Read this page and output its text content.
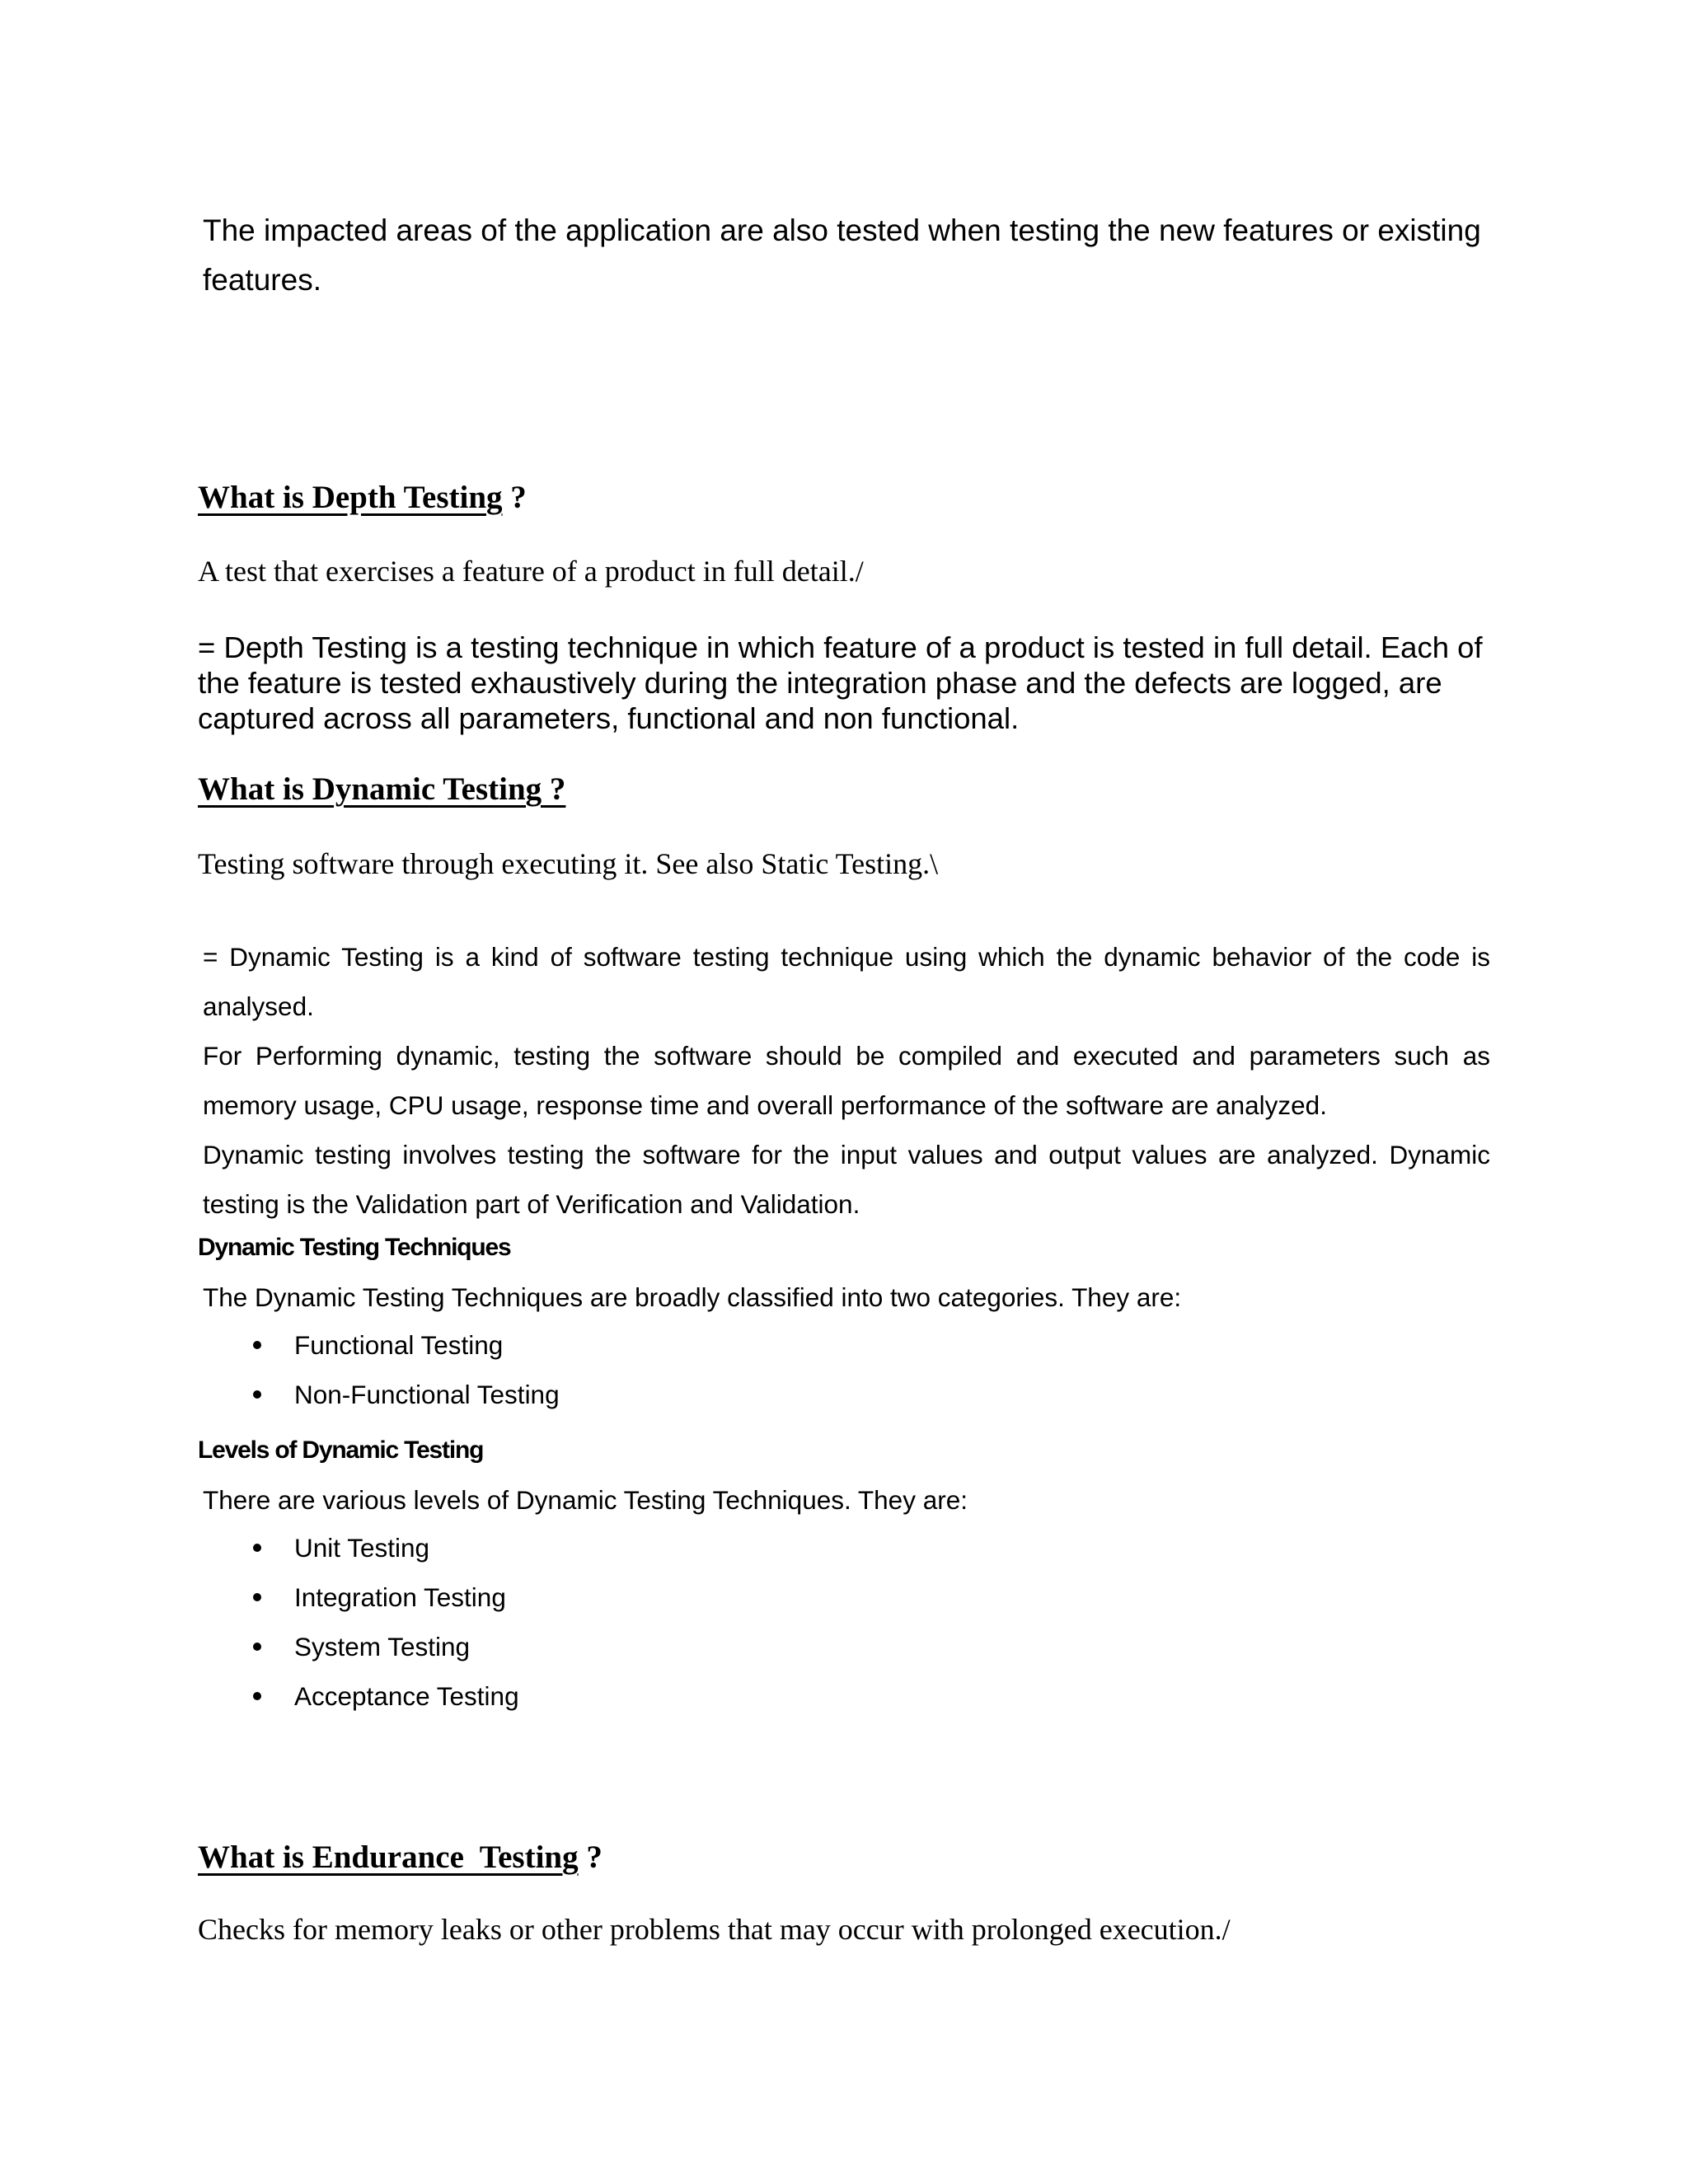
The impacted areas of the application are also tested when testing the new features or existing features.

What is Depth Testing ?
A test that exercises a feature of a product in full detail./

= Depth Testing is a testing technique in which feature of a product is tested in full detail. Each of the feature is tested exhaustively during the integration phase and the defects are logged, are captured across all parameters, functional and non functional.

What is Dynamic Testing ?
Testing software through executing it. See also Static Testing.\

= Dynamic Testing is a kind of software testing technique using which the dynamic behavior of the code is analysed.

For Performing dynamic, testing the software should be compiled and executed and parameters such as memory usage, CPU usage, response time and overall performance of the software are analyzed.

Dynamic testing involves testing the software for the input values and output values are analyzed. Dynamic testing is the Validation part of Verification and Validation.

Dynamic Testing Techniques
The Dynamic Testing Techniques are broadly classified into two categories. They are:
Functional Testing
Non-Functional Testing
Levels of Dynamic Testing
There are various levels of Dynamic Testing Techniques. They are:
Unit Testing
Integration Testing
System Testing
Acceptance Testing
What is Endurance  Testing ?
Checks for memory leaks or other problems that may occur with prolonged execution./
